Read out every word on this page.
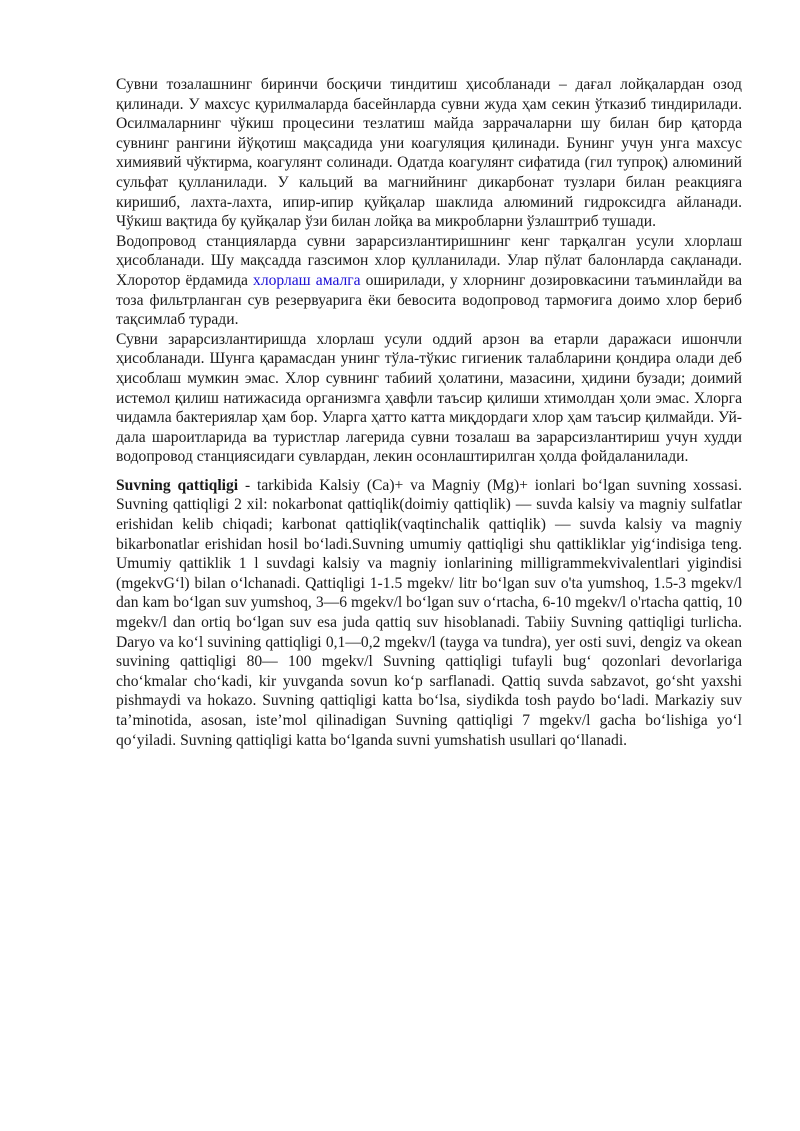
Сувни тозалашнинг биринчи босқичи тиндитиш ҳисобланади – дағал лойқалардан озод қилинади. У махсус қурилмаларда басейнларда сувни жуда ҳам секин ўтказиб тиндирилади. Осилмаларнинг чўкиш процесини тезлатиш майда заррачаларни шу билан бир қаторда сувнинг рангини йўқотиш мақсадида уни коагуляция қилинади. Бунинг учун унга махсус химиявий чўктирма, коагулянт солинади. Одатда коагулянт сифатида (гил тупроқ) алюминий сульфат қулланилади. У кальций ва магнийнинг дикарбонат тузлари билан реакцияга киришиб, лахта-лахта, ипир-ипир қуйқалар шаклида алюминий гидроксидга айланади. Чўкиш вақтида бу қуйқалар ўзи билан лойқа ва микробларни ўзлаштриб тушади.

Водопровод станцияларда сувни зарарсизлантиришнинг кенг тарқалган усули хлорлаш ҳисобланади. Шу мақсадда газсимон хлор қулланилади. Улар пўлат балонларда сақланади. Хлоротор ёрдамида хлорлаш амалга оширилади, у хлорнинг дозировкасини таъминлайди ва тоза фильтрланган сув резервуарига ёки бевосита водопровод тармоғига доимо хлор бериб тақсимлаб туради.

Сувни зарарсизлантиришда хлорлаш усули оддий арзон ва етарли даражаси ишончли ҳисобланади. Шунга қарамасдан унинг тўла-тўкис гигиеник талабларини қондира олади деб ҳисоблаш мумкин эмас. Хлор сувнинг табиий ҳолатини, мазасини, ҳидини бузади; доимий истемол қилиш натижасида организмга ҳавфли таъсир қилиши хтимолдан ҳоли эмас. Хлорга чидамла бактериялар ҳам бор. Уларга ҳатто катта миқдордаги хлор ҳам таъсир қилмайди. Уй-дала шароитларида ва туристлар лагерида сувни тозалаш ва зарарсизлантириш учун худди водопровод станциясидаги сувлардан, лекин осонлаштирилган ҳолда фойдаланилади.

Suvning qattiqligi - tarkibida Kalsiy (Ca)+ va Magniy (Mg)+ ionlari boʻlgan suvning xossasi. Suvning qattiqligi 2 xil: nokarbonat qattiqlik(doimiy qattiqlik) — suvda kalsiy va magniy sulfatlar erishidan kelib chiqadi; karbonat qattiqlik(vaqtinchalik qattiqlik) — suvda kalsiy va magniy bikarbonatlar erishidan hosil boʻladi.Suvning umumiy qattiqligi shu qattikliklar yigʻindisiga teng. Umumiy qattiklik 1 l suvdagi kalsiy va magniy ionlarining milligrammekvivalentlari yigindisi (mgekvGʻl) bilan oʻlchanadi. Qattiqligi 1-1.5 mgekv/ litr boʻlgan suv o'ta yumshoq, 1.5-3 mgekv/l dan kam boʻlgan suv yumshoq, 3—6 mgekv/l boʻlgan suv oʻrtacha, 6-10 mgekv/l o'rtacha qattiq, 10 mgekv/l dan ortiq boʻlgan suv esa juda qattiq suv hisoblanadi. Tabiiy Suvning qattiqligi turlicha. Daryo va koʻl suvining qattiqligi 0,1—0,2 mgekv/l (tayga va tundra), yer osti suvi, dengiz va okean suvining qattiqligi 80— 100 mgekv/l Suvning qattiqligi tufayli bugʻ qozonlari devorlariga choʻkmalar choʻkadi, kir yuvganda sovun koʻp sarflanadi. Qattiq suvda sabzavot, goʻsht yaxshi pishmaydi va hokazo. Suvning qattiqligi katta boʻlsa, siydikda tosh paydo boʻladi. Markaziy suv taʼminotida, asosan, isteʼmol qilinadigan Suvning qattiqligi 7 mgekv/l gacha boʻlishiga yoʻl qoʻyiladi. Suvning qattiqligi katta boʻlganda suvni yumshatish usullari qoʻllanadi.
